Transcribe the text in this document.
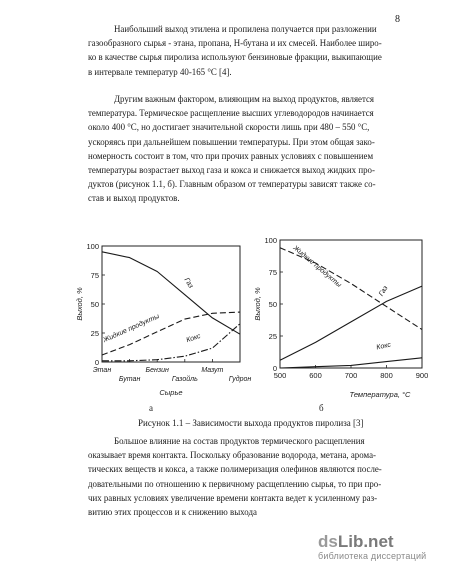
8
Наибольший выход этилена и пропилена получается при разложении
газообразного сырья - этана, пропана, Н-бутана и их смесей. Наиболее широ-
ко в качестве сырья пиролиза используют бензиновые фракции, выкипающие
в интервале температур 40-165 °С [4].
Другим важным фактором, влияющим на выход продуктов, является
температура. Термическое расщепление высших углеводородов начинается
около 400 °С, но достигает значительной скорости лишь при 480 – 550 °С,
ускоряясь при дальнейшем повышении температуры. При этом общая зако-
номерность состоит в том, что при прочих равных условиях с повышением
температуры возрастает выход газа и кокса и снижается выход жидких про-
дуктов (рисунок 1.1, б). Главным образом от температуры зависят также со-
став и выход продуктов.
0
25
50
75
100
Этан
Бутан
Бензин
Газойль
Мазут
Гудрон
Выход, %
Сырье
Газ
Жидкие продукты	Кокс
0
25
50
75
100
500	600	700	800	900
Выход, %
Температура, °С
Газ
Жидкие продукты
Кокс
а	б
Рисунок 1.1 – Зависимости выхода продуктов пиролиза [3]
Большое влияние на состав продуктов термического расщепления
оказывает время контакта. Поскольку образование водорода, метана, арома-
тических веществ и кокса, а также полимеризация олефинов являются после-
довательными по отношению к первичному расщеплению сырья, то при про-
чих равных условиях увеличение времени контакта ведет к усиленному раз-
витию этих процессов и к снижению выхода
dsLib.net
библиотека диссертаций
